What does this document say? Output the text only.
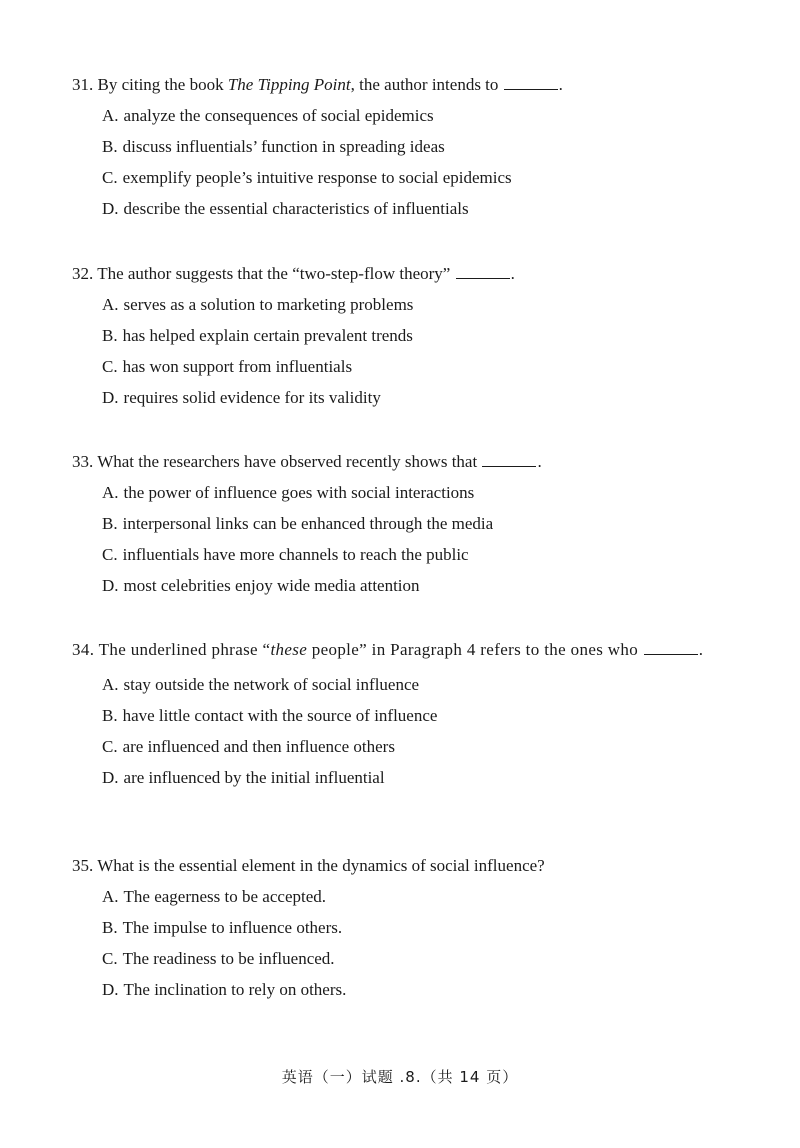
31. By citing the book The Tipping Point, the author intends to	.

A. analyze the consequences of social epidemics

B. discuss influentials’ function in spreading ideas

C. exemplify people’s intuitive response to social epidemics

D. describe the essential characteristics of influentials

32. The author suggests that the “two-step-flow theory”	.

A. serves as a solution to marketing problems

B. has helped explain certain prevalent trends

C. has won support from influentials

D. requires solid evidence for its validity

33. What the researchers have observed recently shows that	.

A. the power of influence goes with social interactions

B. interpersonal links can be enhanced through the media

C. influentials have more channels to reach the public

D. most celebrities enjoy wide media attention

34. The underlined phrase “these people” in Paragraph 4 refers to the ones who	.

A. stay outside the network of social influence

B. have little contact with the source of influence

C. are influenced and then influence others

D. are influenced by the initial influential

35. What is the essential element in the dynamics of social influence?

A. The eagerness to be accepted.

B. The impulse to influence others.

C. The readiness to be influenced.

D. The inclination to rely on others.

英语（一）试题 .8.（共 14 页）
